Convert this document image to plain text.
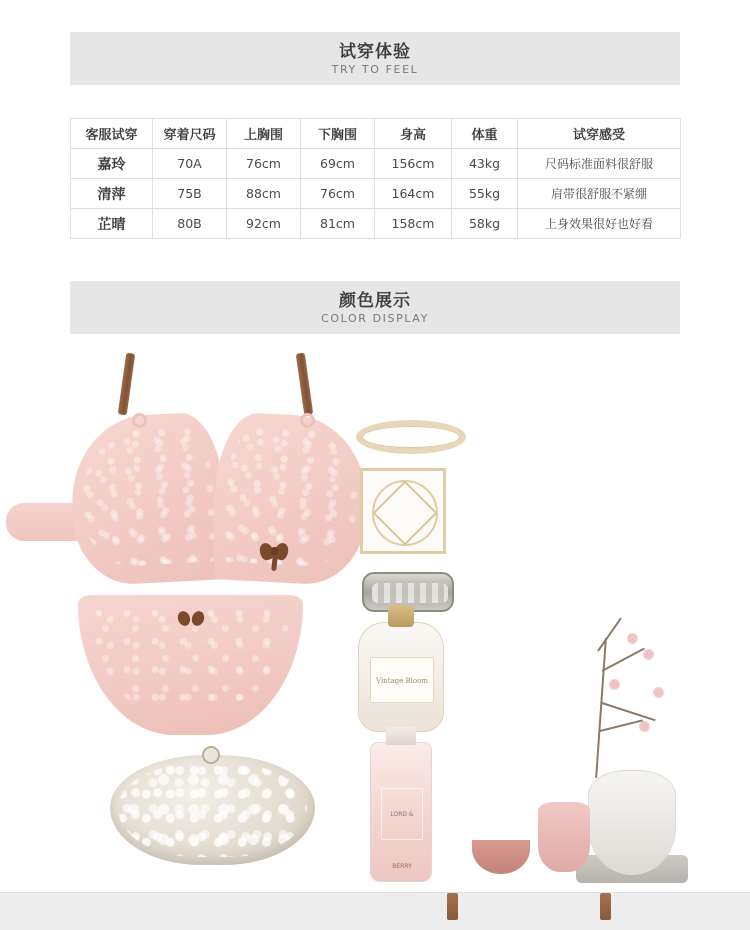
试穿体验
TRY TO FEEL
客服试穿	穿着尺码	上胸围	下胸围	身高	体重	试穿感受
嘉玲	70A	76cm	69cm	156cm	43kg	尺码标准面料很舒服
清萍	75B	88cm	76cm	164cm	55kg	肩带很舒服不紧绷
芷晴	80B	92cm	81cm	158cm	58kg	上身效果很好也好看
颜色展示
COLOR DISPLAY
Vintage Bloom
LORD & BERRY
